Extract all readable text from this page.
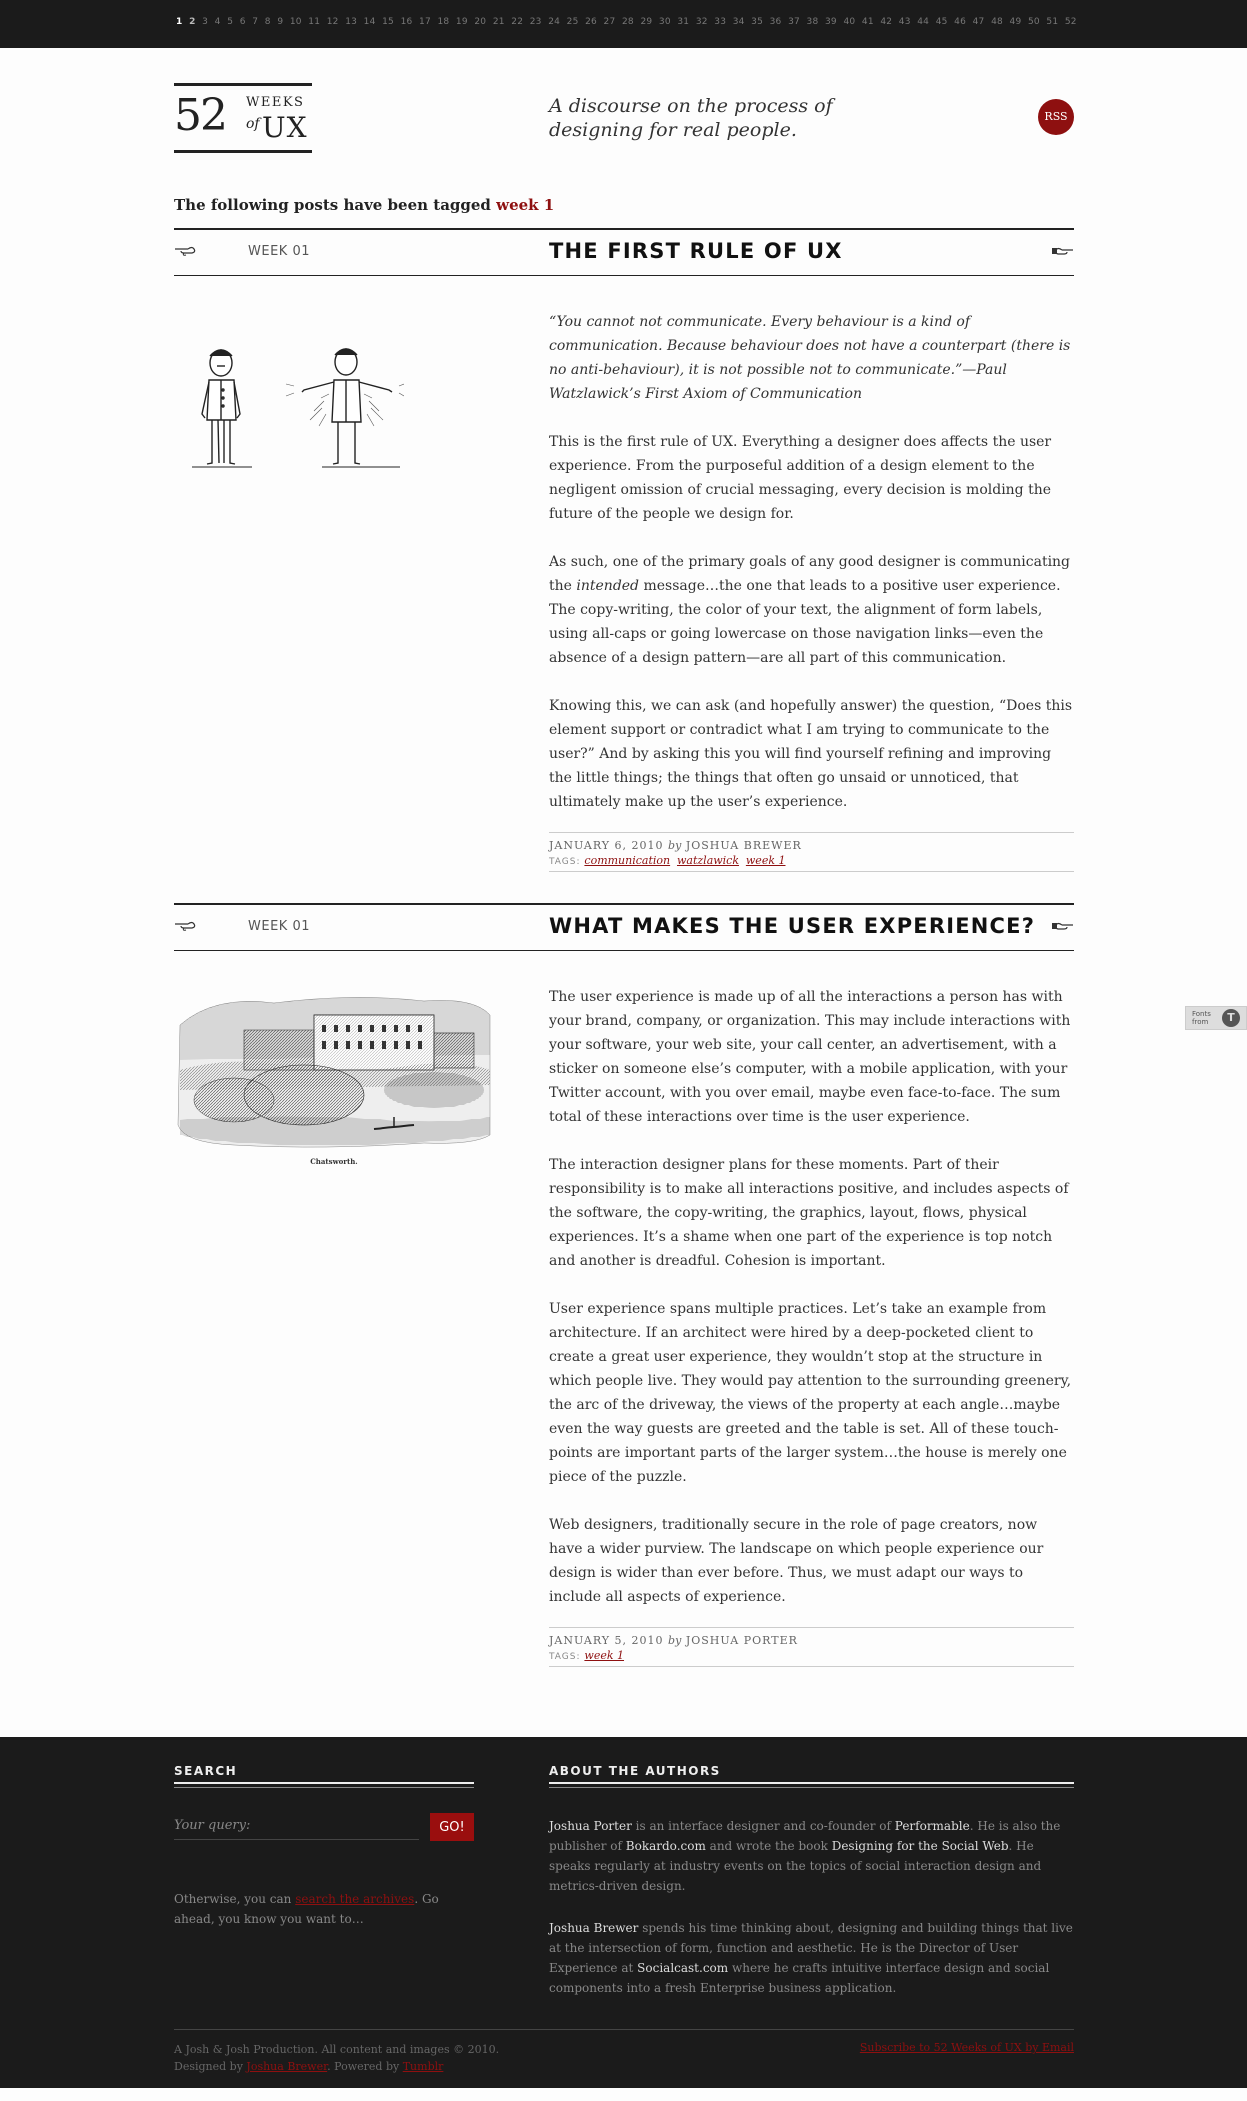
1 2 3 4 5 6 7 8 9 10 11 12 13 14 15 16 17 18 19 20 21 22 23 24 25 26 27 28 29 30 31 32 33 34 35 36 37 38 39 40 41 42 43 44 45 46 47 48 49 50 51 52
52 WEEKS
of UX
A discourse on the process of
designing for real people.
RSS
The following posts have been tagged week 1
WEEK 01	THE FIRST RULE OF UX

“You cannot not communicate. Every behaviour is a kind of communication. Because behaviour does not have a counterpart (there is no anti-behaviour), it is not possible not to communicate.”—Paul Watzlawick’s First Axiom of Communication

This is the first rule of UX. Everything a designer does affects the user experience. From the purposeful addition of a design element to the negligent omission of crucial messaging, every decision is molding the future of the people we design for.

As such, one of the primary goals of any good designer is communicating the intended message…the one that leads to a positive user experience. The copy-writing, the color of your text, the alignment of form labels, using all-caps or going lowercase on those navigation links—even the absence of a design pattern—are all part of this communication.

Knowing this, we can ask (and hopefully answer) the question, “Does this element support or contradict what I am trying to communicate to the user?” And by asking this you will find yourself refining and improving the little things; the things that often go unsaid or unnoticed, that ultimately make up the user’s experience.

JANUARY 6, 2010 by JOSHUA BREWER
TAGS: communication watzlawick week 1
WEEK 01	WHAT MAKES THE USER EXPERIENCE?
Chatsworth.

The user experience is made up of all the interactions a person has with your brand, company, or organization. This may include interactions with your software, your web site, your call center, an advertisement, with a sticker on someone else’s computer, with a mobile application, with your Twitter account, with you over email, maybe even face-to-face. The sum total of these interactions over time is the user experience.

The interaction designer plans for these moments. Part of their responsibility is to make all interactions positive, and includes aspects of the software, the copy-writing, the graphics, layout, flows, physical experiences. It’s a shame when one part of the experience is top notch and another is dreadful. Cohesion is important.

User experience spans multiple practices. Let’s take an example from architecture. If an architect were hired by a deep-pocketed client to create a great user experience, they wouldn’t stop at the structure in which people live. They would pay attention to the surrounding greenery, the arc of the driveway, the views of the property at each angle…maybe even the way guests are greeted and the table is set. All of these touch-points are important parts of the larger system…the house is merely one piece of the puzzle.

Web designers, traditionally secure in the role of page creators, now have a wider purview. The landscape on which people experience our design is wider than ever before. Thus, we must adapt our ways to include all aspects of experience.

JANUARY 5, 2010 by JOSHUA PORTER
TAGS: week 1
Fonts
from	T
SEARCH
Your query:
GO!

Otherwise, you can search the archives. Go ahead, you know you want to…

ABOUT THE AUTHORS

Joshua Porter is an interface designer and co-founder of Performable. He is also the publisher of Bokardo.com and wrote the book Designing for the Social Web. He speaks regularly at industry events on the topics of social interaction design and metrics-driven design.

Joshua Brewer spends his time thinking about, designing and building things that live at the intersection of form, function and aesthetic. He is the Director of User Experience at Socialcast.com where he crafts intuitive interface design and social components into a fresh Enterprise business application.

A Josh & Josh Production. All content and images © 2010.
Designed by Joshua Brewer. Powered by Tumblr
Subscribe to 52 Weeks of UX by Email
